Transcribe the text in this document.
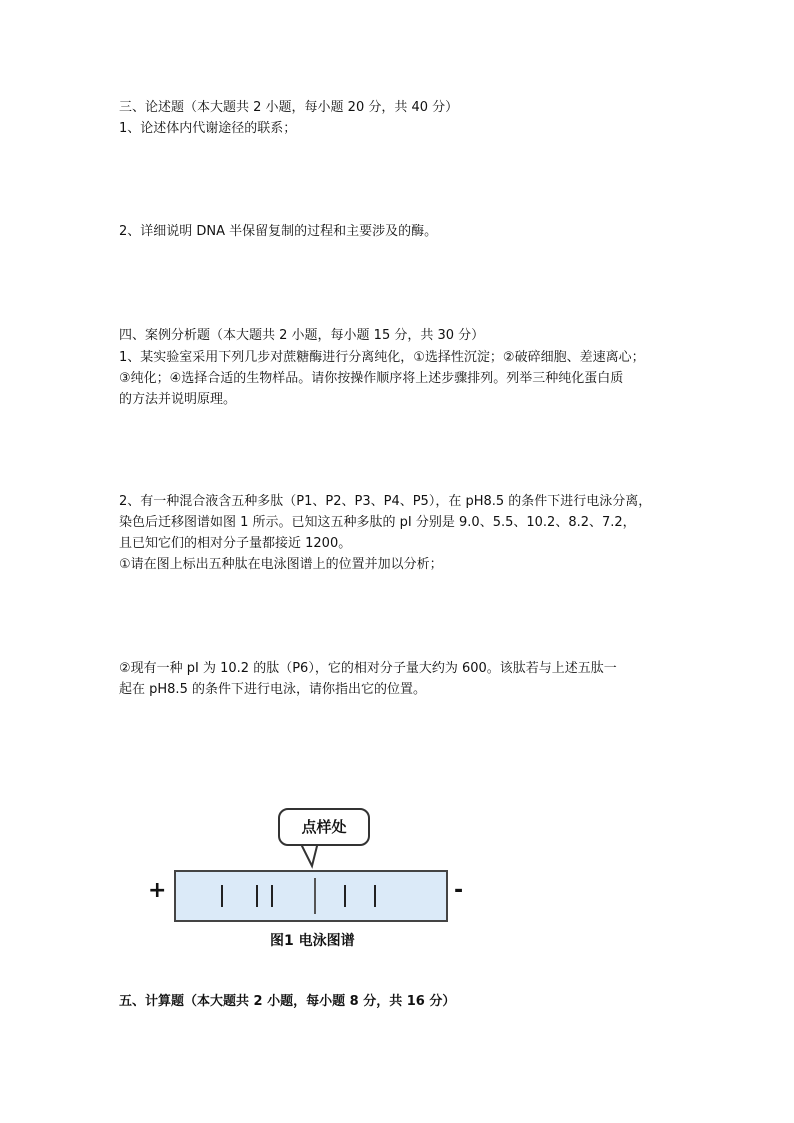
三、论述题（本大题共 2 小题，每小题 20 分，共 40 分）
1、论述体内代谢途径的联系；
2、详细说明 DNA 半保留复制的过程和主要涉及的酶。
四、案例分析题（本大题共 2 小题，每小题 15 分，共 30 分）
1、某实验室采用下列几步对蔗糖酶进行分离纯化，①选择性沉淀；②破碎细胞、差速离心；
③纯化；④选择合适的生物样品。请你按操作顺序将上述步骤排列。列举三种纯化蛋白质
的方法并说明原理。
2、有一种混合液含五种多肽（P1、P2、P3、P4、P5），在 pH8.5 的条件下进行电泳分离，
染色后迁移图谱如图 1 所示。已知这五种多肽的 pI 分别是 9.0、5.5、10.2、8.2、7.2，
且已知它们的相对分子量都接近 1200。
①请在图上标出五种肽在电泳图谱上的位置并加以分析；
②现有一种 pI 为 10.2 的肽（P6），它的相对分子量大约为 600。该肽若与上述五肽一
起在 pH8.5 的条件下进行电泳，请你指出它的位置。
点样处
+	-
图1 电泳图谱
五、计算题（本大题共 2 小题，每小题 8 分，共 16 分）
